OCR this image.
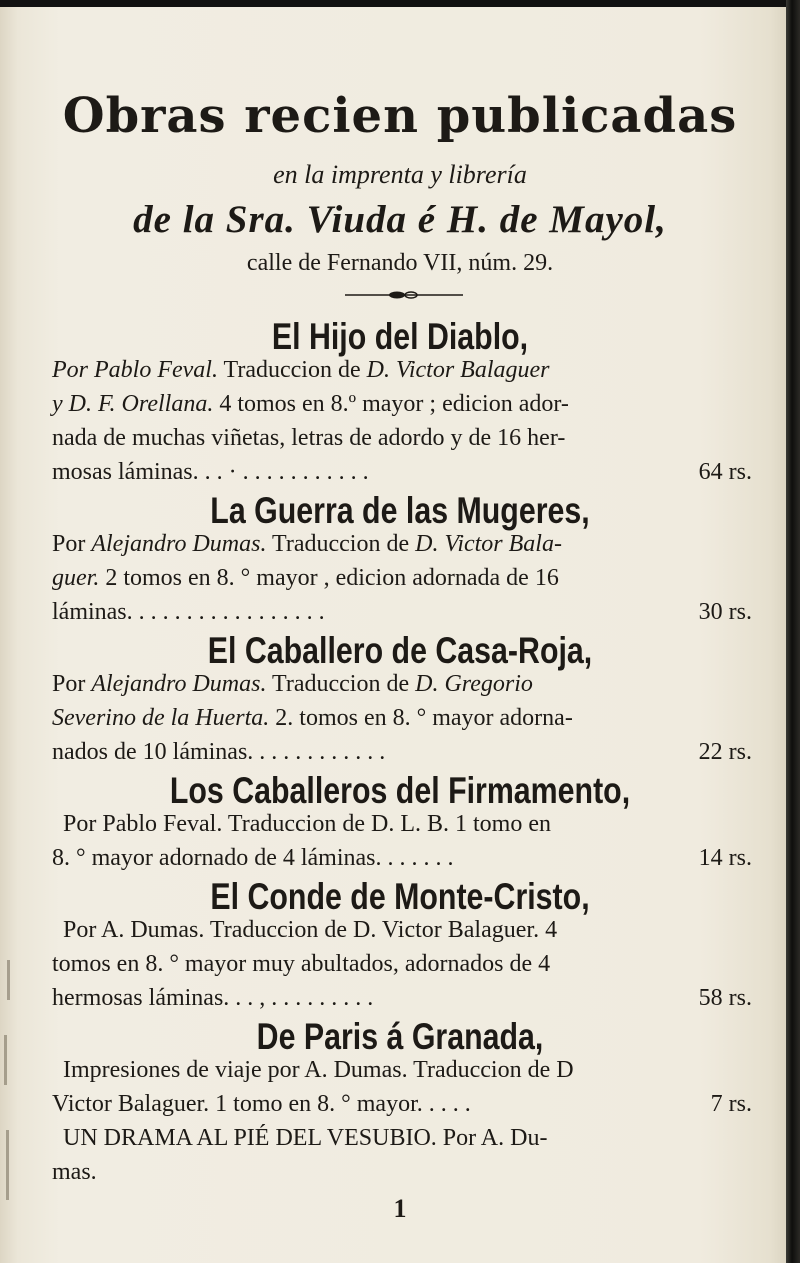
Obras recien publicadas
en la imprenta y librería
de la Sra. Viuda é H. de Mayol,
calle de Fernando VII, núm. 29.
El Hijo del Diablo,
Por Pablo Feval. Traduccion de D. Victor Balaguer
y D. F. Orellana. 4 tomos en 8.º mayor ; edicion ador-
nada de muchas viñetas, letras de adordo y de 16 her-
mosas láminas. . . · . . . . . . . . . . .	64 rs.
La Guerra de las Mugeres,
Por Alejandro Dumas. Traduccion de D. Victor Bala-
guer. 2 tomos en 8. ° mayor , edicion adornada de 16
láminas. . . . . . . . . . . . . . . . .	30 rs.
El Caballero de Casa-Roja,
Por Alejandro Dumas. Traduccion de D. Gregorio
Severino de la Huerta. 2. tomos en 8. ° mayor adorna-
nados de 10 láminas. . . . . . . . . . . .	22 rs.
Los Caballeros del Firmamento,
Por Pablo Feval. Traduccion de D. L. B. 1 tomo en
8. ° mayor adornado de 4 láminas. . . . . . .	14 rs.
El Conde de Monte-Cristo,
Por A. Dumas. Traduccion de D. Victor Balaguer. 4
tomos en 8. ° mayor muy abultados, adornados de 4
hermosas láminas. . . , . . . . . . . . .	58 rs.
De Paris á Granada,
Impresiones de viaje por A. Dumas. Traduccion de D
Victor Balaguer. 1 tomo en 8. ° mayor. . . . .	7 rs.
UN DRAMA AL PIÉ DEL VESUBIO. Por A. Du-
mas.
1
